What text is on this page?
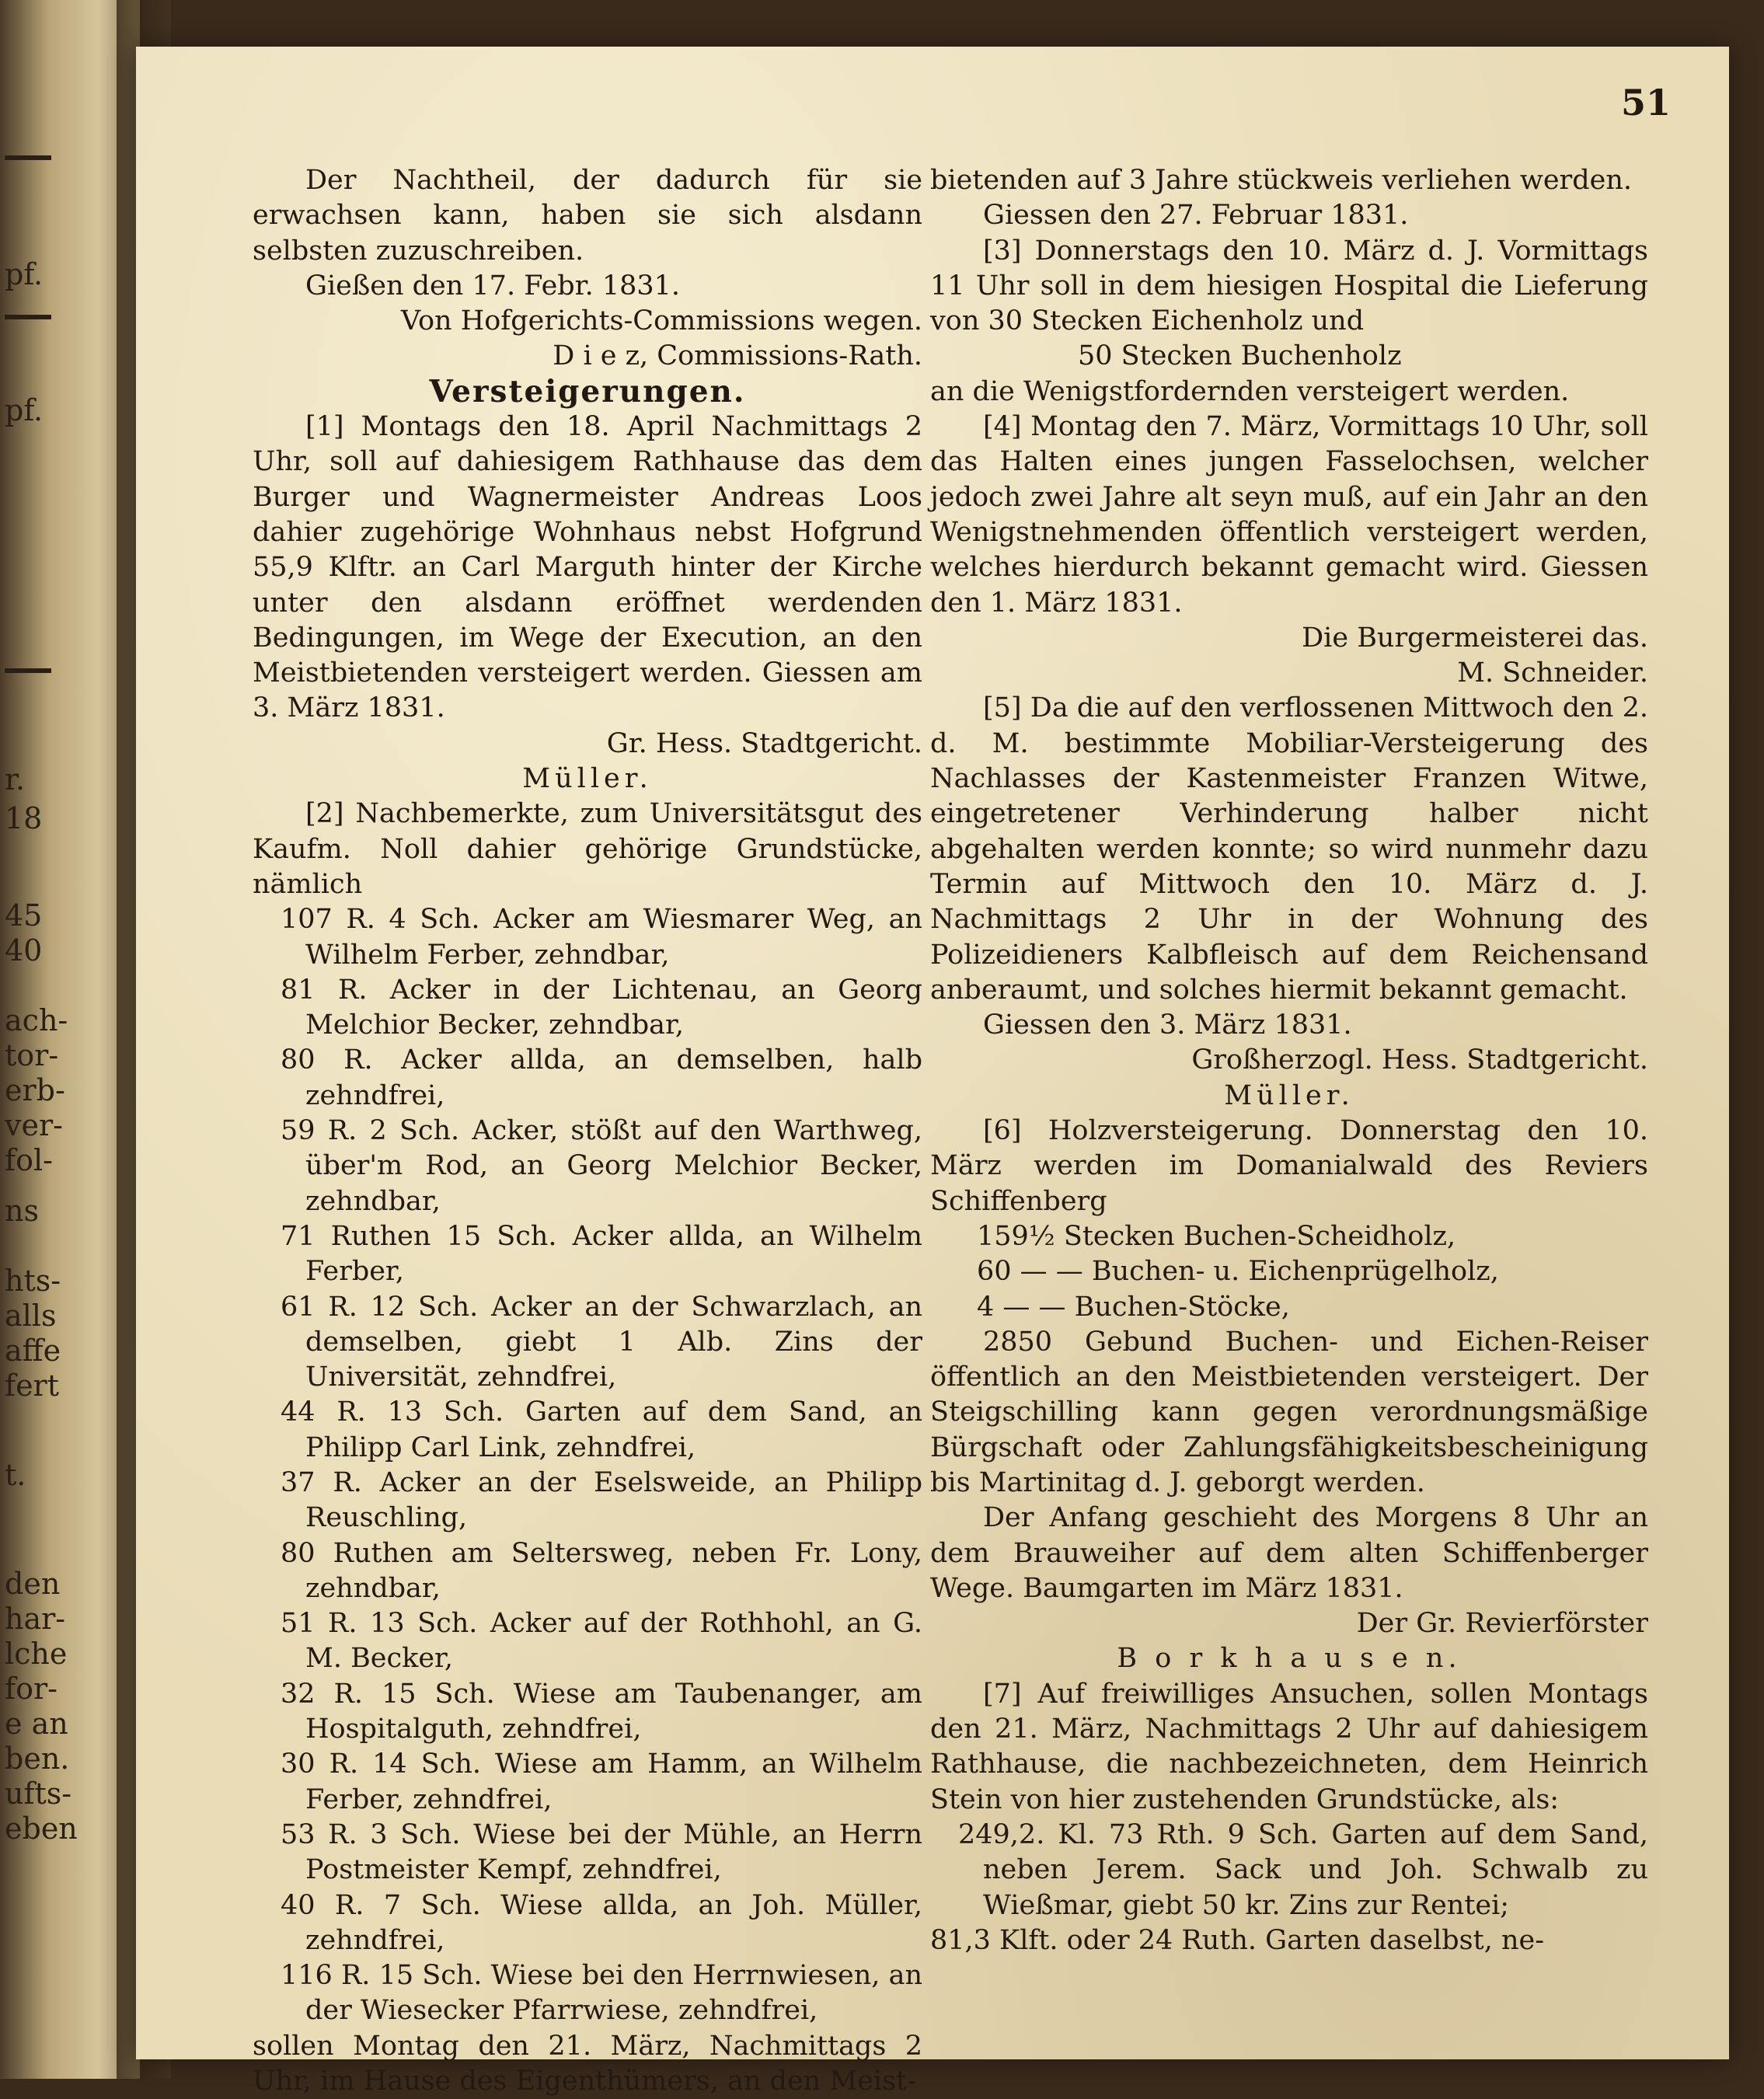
pf.
pf.
r.
18
45
40
ach‐
tor‐
erb‐
ver‐
fol‐
ns
hts‐
alls
affe
fert
t.
den
har‐
lche
for‐
e an
ben.
ufts‐
eben
51

Der Nachtheil, der dadurch für sie erwachsen kann, haben sie sich alsdann selbsten zuzuschreiben.

Gießen den 17. Febr. 1831.

Von Hofgerichts‐Commissions wegen.

D i e z, Commissions‐Rath.

Versteigerungen.

[1] Montags den 18. April Nachmittags 2 Uhr, soll auf dahiesigem Rathhause das dem Burger und Wagnermeister Andreas Loos dahier zugehörige Wohnhaus nebst Hofgrund 55,9 Klftr. an Carl Marguth hinter der Kirche unter den alsdann eröffnet werdenden Bedingungen, im Wege der Execution, an den Meistbietenden versteigert werden. Giessen am 3. März 1831.

Gr. Hess. Stadtgericht.

Müller.

[2] Nachbemerkte, zum Universitätsgut des Kaufm. Noll dahier gehörige Grundstücke, nämlich

107 R. 4 Sch. Acker am Wiesmarer Weg, an Wilhelm Ferber, zehndbar,

81 R. Acker in der Lichtenau, an Georg Melchior Becker, zehndbar,

80 R. Acker allda, an demselben, halb zehndfrei,

59 R. 2 Sch. Acker, stößt auf den Warthweg, über'm Rod, an Georg Melchior Becker, zehndbar,

71 Ruthen 15 Sch. Acker allda, an Wilhelm Ferber,

61 R. 12 Sch. Acker an der Schwarzlach, an demselben, giebt 1 Alb. Zins der Universität, zehndfrei,

44 R. 13 Sch. Garten auf dem Sand, an Philipp Carl Link, zehndfrei,

37 R. Acker an der Eselsweide, an Philipp Reuschling,

80 Ruthen am Seltersweg, neben Fr. Lony, zehndbar,

51 R. 13 Sch. Acker auf der Rothhohl, an G. M. Becker,

32 R. 15 Sch. Wiese am Taubenanger, am Hospitalguth, zehndfrei,

30 R. 14 Sch. Wiese am Hamm, an Wilhelm Ferber, zehndfrei,

53 R. 3 Sch. Wiese bei der Mühle, an Herrn Postmeister Kempf, zehndfrei,

40 R. 7 Sch. Wiese allda, an Joh. Müller, zehndfrei,

116 R. 15 Sch. Wiese bei den Herrnwiesen, an der Wiesecker Pfarrwiese, zehndfrei,

sollen Montag den 21. März, Nachmittags 2 Uhr, im Hause des Eigenthümers, an den Meist‐

bietenden auf 3 Jahre stückweis verliehen werden.

Giessen den 27. Februar 1831.

[3] Donnerstags den 10. März d. J. Vormittags 11 Uhr soll in dem hiesigen Hospital die Lieferung von 30 Stecken Eichenholz und

50 Stecken Buchenholz

an die Wenigstfordernden versteigert werden.

[4] Montag den 7. März, Vormittags 10 Uhr, soll das Halten eines jungen Fasselochsen, welcher jedoch zwei Jahre alt seyn muß, auf ein Jahr an den Wenigstnehmenden öffentlich versteigert werden, welches hierdurch bekannt gemacht wird. Giessen den 1. März 1831.

Die Burgermeisterei das.

M. Schneider.

[5] Da die auf den verflossenen Mittwoch den 2. d. M. bestimmte Mobiliar‐Versteigerung des Nachlasses der Kastenmeister Franzen Witwe, eingetretener Verhinderung halber nicht abgehalten werden konnte; so wird nunmehr dazu Termin auf Mittwoch den 10. März d. J. Nachmittags 2 Uhr in der Wohnung des Polizeidieners Kalbfleisch auf dem Reichensand anberaumt, und solches hiermit bekannt gemacht.

Giessen den 3. März 1831.

Großherzogl. Hess. Stadtgericht.

Müller.

[6] Holzversteigerung. Donnerstag den 10. März werden im Domanialwald des Reviers Schiffenberg

159½ Stecken Buchen‐Scheidholz,

60 — — Buchen‐ u. Eichenprügelholz,

4 — — Buchen‐Stöcke,

2850 Gebund Buchen‐ und Eichen‐Reiser öffentlich an den Meistbietenden versteigert. Der Steigschilling kann gegen verordnungsmäßige Bürgschaft oder Zahlungsfähigkeitsbescheinigung bis Martinitag d. J. geborgt werden.

Der Anfang geschieht des Morgens 8 Uhr an dem Brauweiher auf dem alten Schiffenberger Wege. Baumgarten im März 1831.

Der Gr. Revierförster

B o r k h a u s e n.

[7] Auf freiwilliges Ansuchen, sollen Montags den 21. März, Nachmittags 2 Uhr auf dahiesigem Rathhause, die nachbezeichneten, dem Heinrich Stein von hier zustehenden Grundstücke, als:

249,2. Kl. 73 Rth. 9 Sch. Garten auf dem Sand, neben Jerem. Sack und Joh. Schwalb zu Wießmar, giebt 50 kr. Zins zur Rentei;

81,3 Klft. oder 24 Ruth. Garten daselbst, ne‐
